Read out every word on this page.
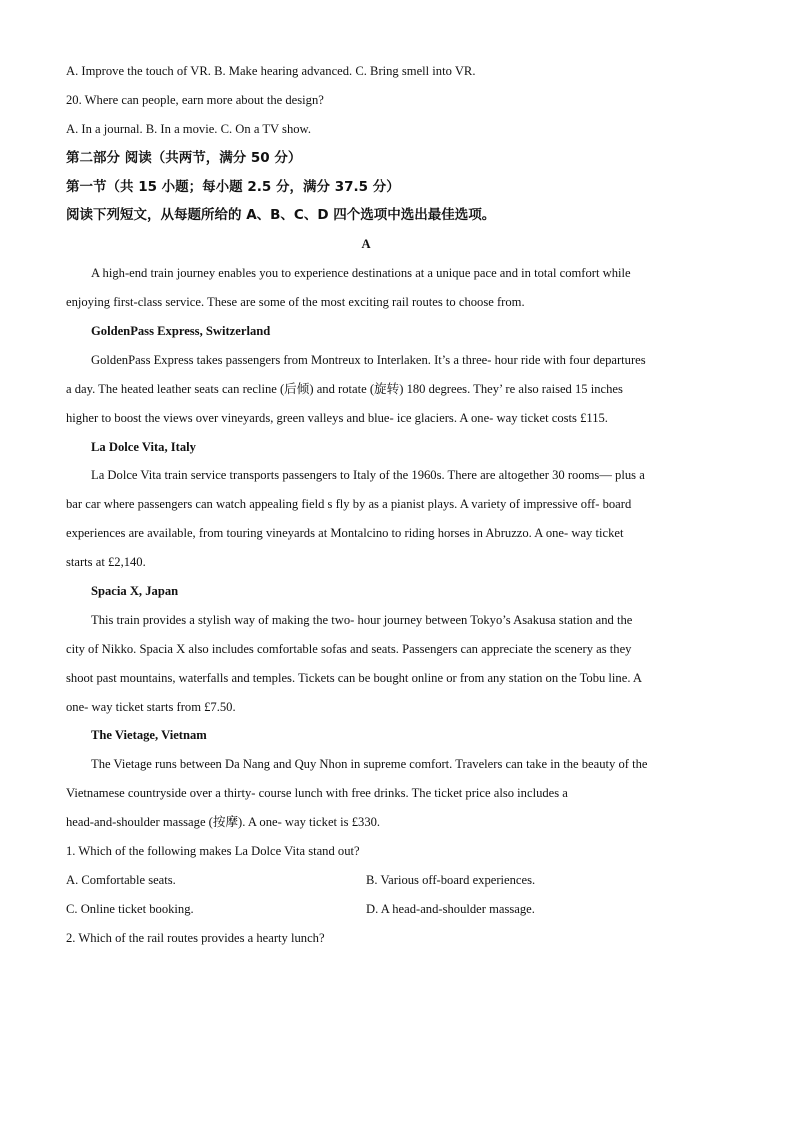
A. Improve the touch of VR. B. Make hearing advanced. C. Bring smell into VR.
20. Where can people, earn more about the design?
A. In a journal. B. In a movie. C. On a TV show.
第二部分 阅读（共两节，满分 50 分）
第一节（共 15 小题；每小题 2.5 分，满分 37.5 分）
阅读下列短文，从每题所给的 A、B、C、D 四个选项中选出最佳选项。
A
A high-end train journey enables you to experience destinations at a unique pace and in total comfort while
enjoying first-class service. These are some of the most exciting rail routes to choose from.
GoldenPass Express, Switzerland
GoldenPass Express takes passengers from Montreux to Interlaken. It’s a three- hour ride with four departures
a day. The heated leather seats can recline (后倾) and rotate (旋转) 180 degrees. They’ re also raised 15 inches
higher to boost the views over vineyards, green valleys and blue- ice glaciers. A one- way ticket costs £115.
La Dolce Vita, Italy
La Dolce Vita train service transports passengers to Italy of the 1960s. There are altogether 30 rooms— plus a
bar car where passengers can watch appealing field s fly by as a pianist plays. A variety of impressive off- board
experiences are available, from touring vineyards at Montalcino to riding horses in Abruzzo. A one- way ticket
starts at £2,140.
Spacia X, Japan
This train provides a stylish way of making the two- hour journey between Tokyo’s Asakusa station and the
city of Nikko. Spacia X also includes comfortable sofas and seats. Passengers can appreciate the scenery as they
shoot past mountains, waterfalls and temples. Tickets can be bought online or from any station on the Tobu line. A
one- way ticket starts from £7.50.
The Vietage, Vietnam
The Vietage runs between Da Nang and Quy Nhon in supreme comfort. Travelers can take in the beauty of the
Vietnamese countryside over a thirty- course lunch with free drinks. The ticket price also includes a
head-and-shoulder massage (按摩). A one- way ticket is £330.
1. Which of the following makes La Dolce Vita stand out?
A. Comfortable seats.	B. Various off-board experiences.
C. Online ticket booking.	D. A head-and-shoulder massage.
2. Which of the rail routes provides a hearty lunch?
